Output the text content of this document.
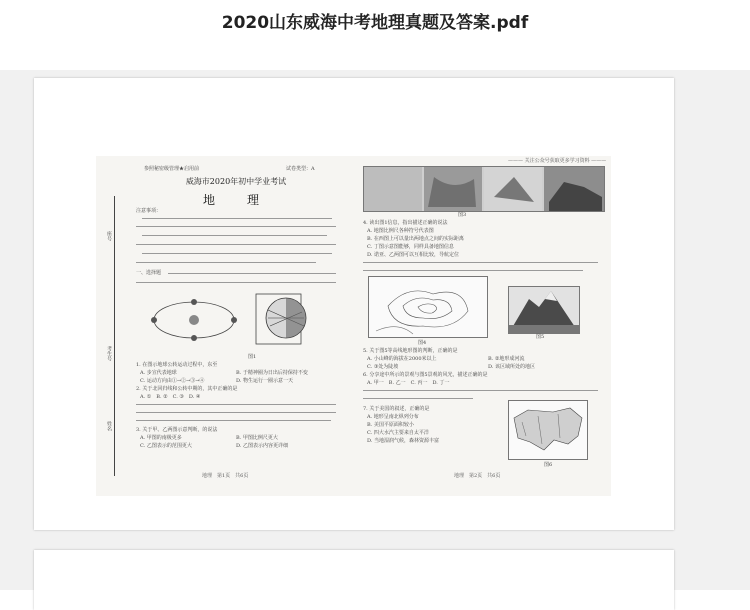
2020山东威海中考地理真题及答案.pdf
座号
考生号
姓名
参照秘密级管理★启用前	试卷类型：A
威海市2020年初中学业考试
地　理
注意事项：
一、选择题
图1
1. 在图示地球公转运动过程中，东至
A. 步宣代表地球	B. 于精神圈为日出后持保持不变
C. 运动方向由①→②→③→④	D. 物生运行一圈示意一天
2. 关于北回归线和公转中期的，其中正确的是
A. ①　B. ②　C. ③　D. ④
3. 关于甲、乙两图示意判断，的说法
A. 甲图的南极更多	B. 甲图比例尺更大
C. 乙图表示的范围更大	D. 乙图表示内容更详细
地理　第1页　共6页
——— 关注公众号获取更多学习资料 ———
图3
4. 读出图1信息，指出描述正确的说法
A. 地图比例尺各种符号代表图
B. 在西图上可以量出两地点之间的实际距离
C. 丁图示意图能够，同样具备地图信息
D. 诺亚、乙两图可以互相比较，导航定位
图4
图5
5. 关于图5等高线地形图的判断，正确的是
A. 小山峰的海拔在2000米以上	B. ②地形成河流
C. ③处为陡坡	D. 该区域所处的地区
6. 分享途中所示的景观与图5景观的风光，描述正确的是
A. 甲一　B. 乙一　C. 丙一　D. 丁一
7. 关于美国的叙述，正确的是
A. 地形呈南北纵列分布
B. 美国平原面积较小
C. 四大水汽主要来自太平洋
D. 当地湿润气候，森林资源丰富
图6
地理　第2页　共6页
